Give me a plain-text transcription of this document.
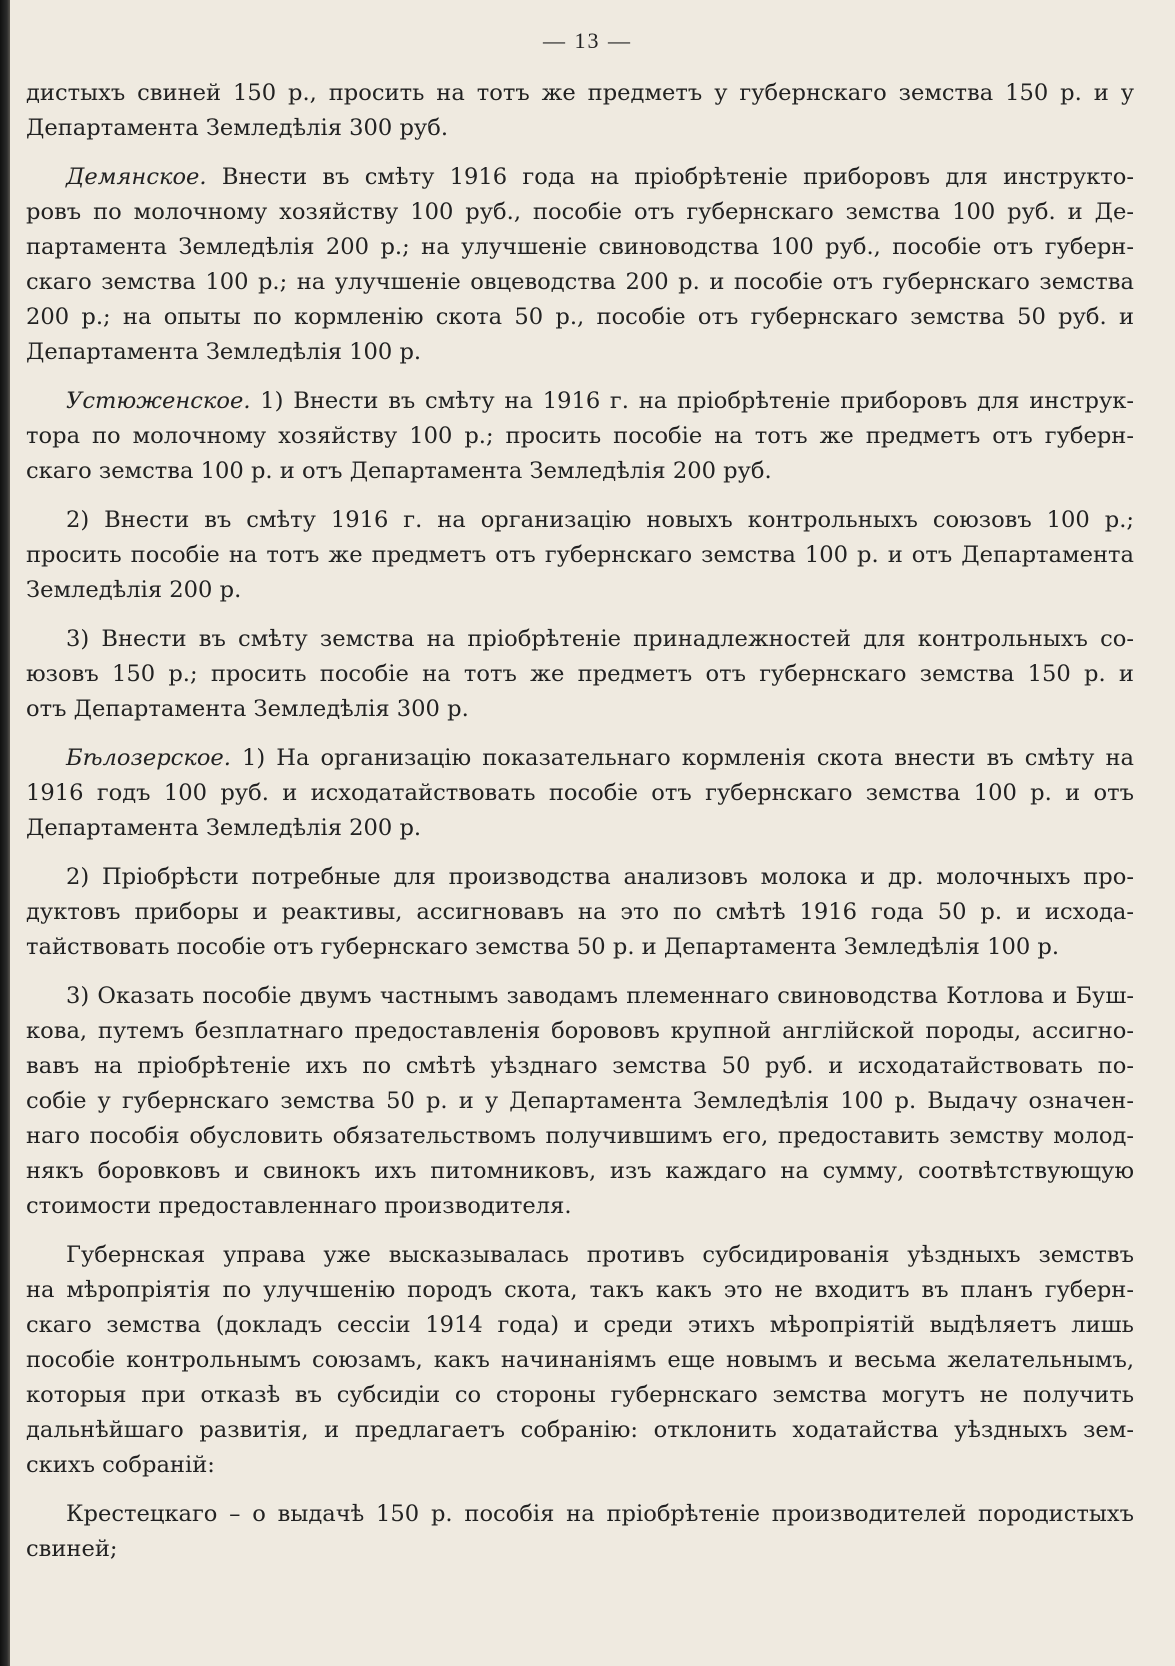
— 13 —
дистыхъ свиней 150 р., просить на тотъ же предметъ у губернскаго земства 150 р. и у
Департамента Земледѣлія 300 руб.
Демянское. Внести въ смѣту 1916 года на пріобрѣтеніе приборовъ для инструкто-
ровъ по молочному хозяйству 100 руб., пособіе отъ губернскаго земства 100 руб. и Де-
партамента Земледѣлія 200 р.; на улучшеніе свиноводства 100 руб., пособіе отъ губерн-
скаго земства 100 р.; на улучшеніе овцеводства 200 р. и пособіе отъ губернскаго земства
200 р.; на опыты по кормленію скота 50 р., пособіе отъ губернскаго земства 50 руб. и
Департамента Земледѣлія 100 р.
Устюженское. 1) Внести въ смѣту на 1916 г. на пріобрѣтеніе приборовъ для инструк-
тора по молочному хозяйству 100 р.; просить пособіе на тотъ же предметъ отъ губерн-
скаго земства 100 р. и отъ Департамента Земледѣлія 200 руб.
2) Внести въ смѣту 1916 г. на организацію новыхъ контрольныхъ союзовъ 100 р.;
просить пособіе на тотъ же предметъ отъ губернскаго земства 100 р. и отъ Департамента
Земледѣлія 200 р.
3) Внести въ смѣту земства на пріобрѣтеніе принадлежностей для контрольныхъ со-
юзовъ 150 р.; просить пособіе на тотъ же предметъ отъ губернскаго земства 150 р. и
отъ Департамента Земледѣлія 300 р.
Бѣлозерское. 1) На организацію показательнаго кормленія скота внести въ смѣту на
1916 годъ 100 руб. и исходатайствовать пособіе отъ губернскаго земства 100 р. и отъ
Департамента Земледѣлія 200 р.
2) Пріобрѣсти потребные для производства анализовъ молока и др. молочныхъ про-
дуктовъ приборы и реактивы, ассигновавъ на это по смѣтѣ 1916 года 50 р. и исхода-
тайствовать пособіе отъ губернскаго земства 50 р. и Департамента Земледѣлія 100 р.
3) Оказать пособіе двумъ частнымъ заводамъ племеннаго свиноводства Котлова и Буш-
кова, путемъ безплатнаго предоставленія борововъ крупной англійской породы, ассигно-
вавъ на пріобрѣтеніе ихъ по смѣтѣ уѣзднаго земства 50 руб. и исходатайствовать по-
собіе у губернскаго земства 50 р. и у Департамента Земледѣлія 100 р. Выдачу означен-
наго пособія обусловить обязательствомъ получившимъ его, предоставить земству молод-
някъ боровковъ и свинокъ ихъ питомниковъ, изъ каждаго на сумму, соотвѣтствующую
стоимости предоставленнаго производителя.
Губернская управа уже высказывалась противъ субсидированія уѣздныхъ земствъ
на мѣропріятія по улучшенію породъ скота, такъ какъ это не входитъ въ планъ губерн-
скаго земства (докладъ сессіи 1914 года) и среди этихъ мѣропріятій выдѣляетъ лишь
пособіе контрольнымъ союзамъ, какъ начинаніямъ еще новымъ и весьма желательнымъ,
которыя при отказѣ въ субсидіи со стороны губернскаго земства могутъ не получить
дальнѣйшаго развитія, и предлагаетъ собранію: отклонить ходатайства уѣздныхъ зем-
скихъ собраній:
Крестецкаго – о выдачѣ 150 р. пособія на пріобрѣтеніе производителей породистыхъ
свиней;
